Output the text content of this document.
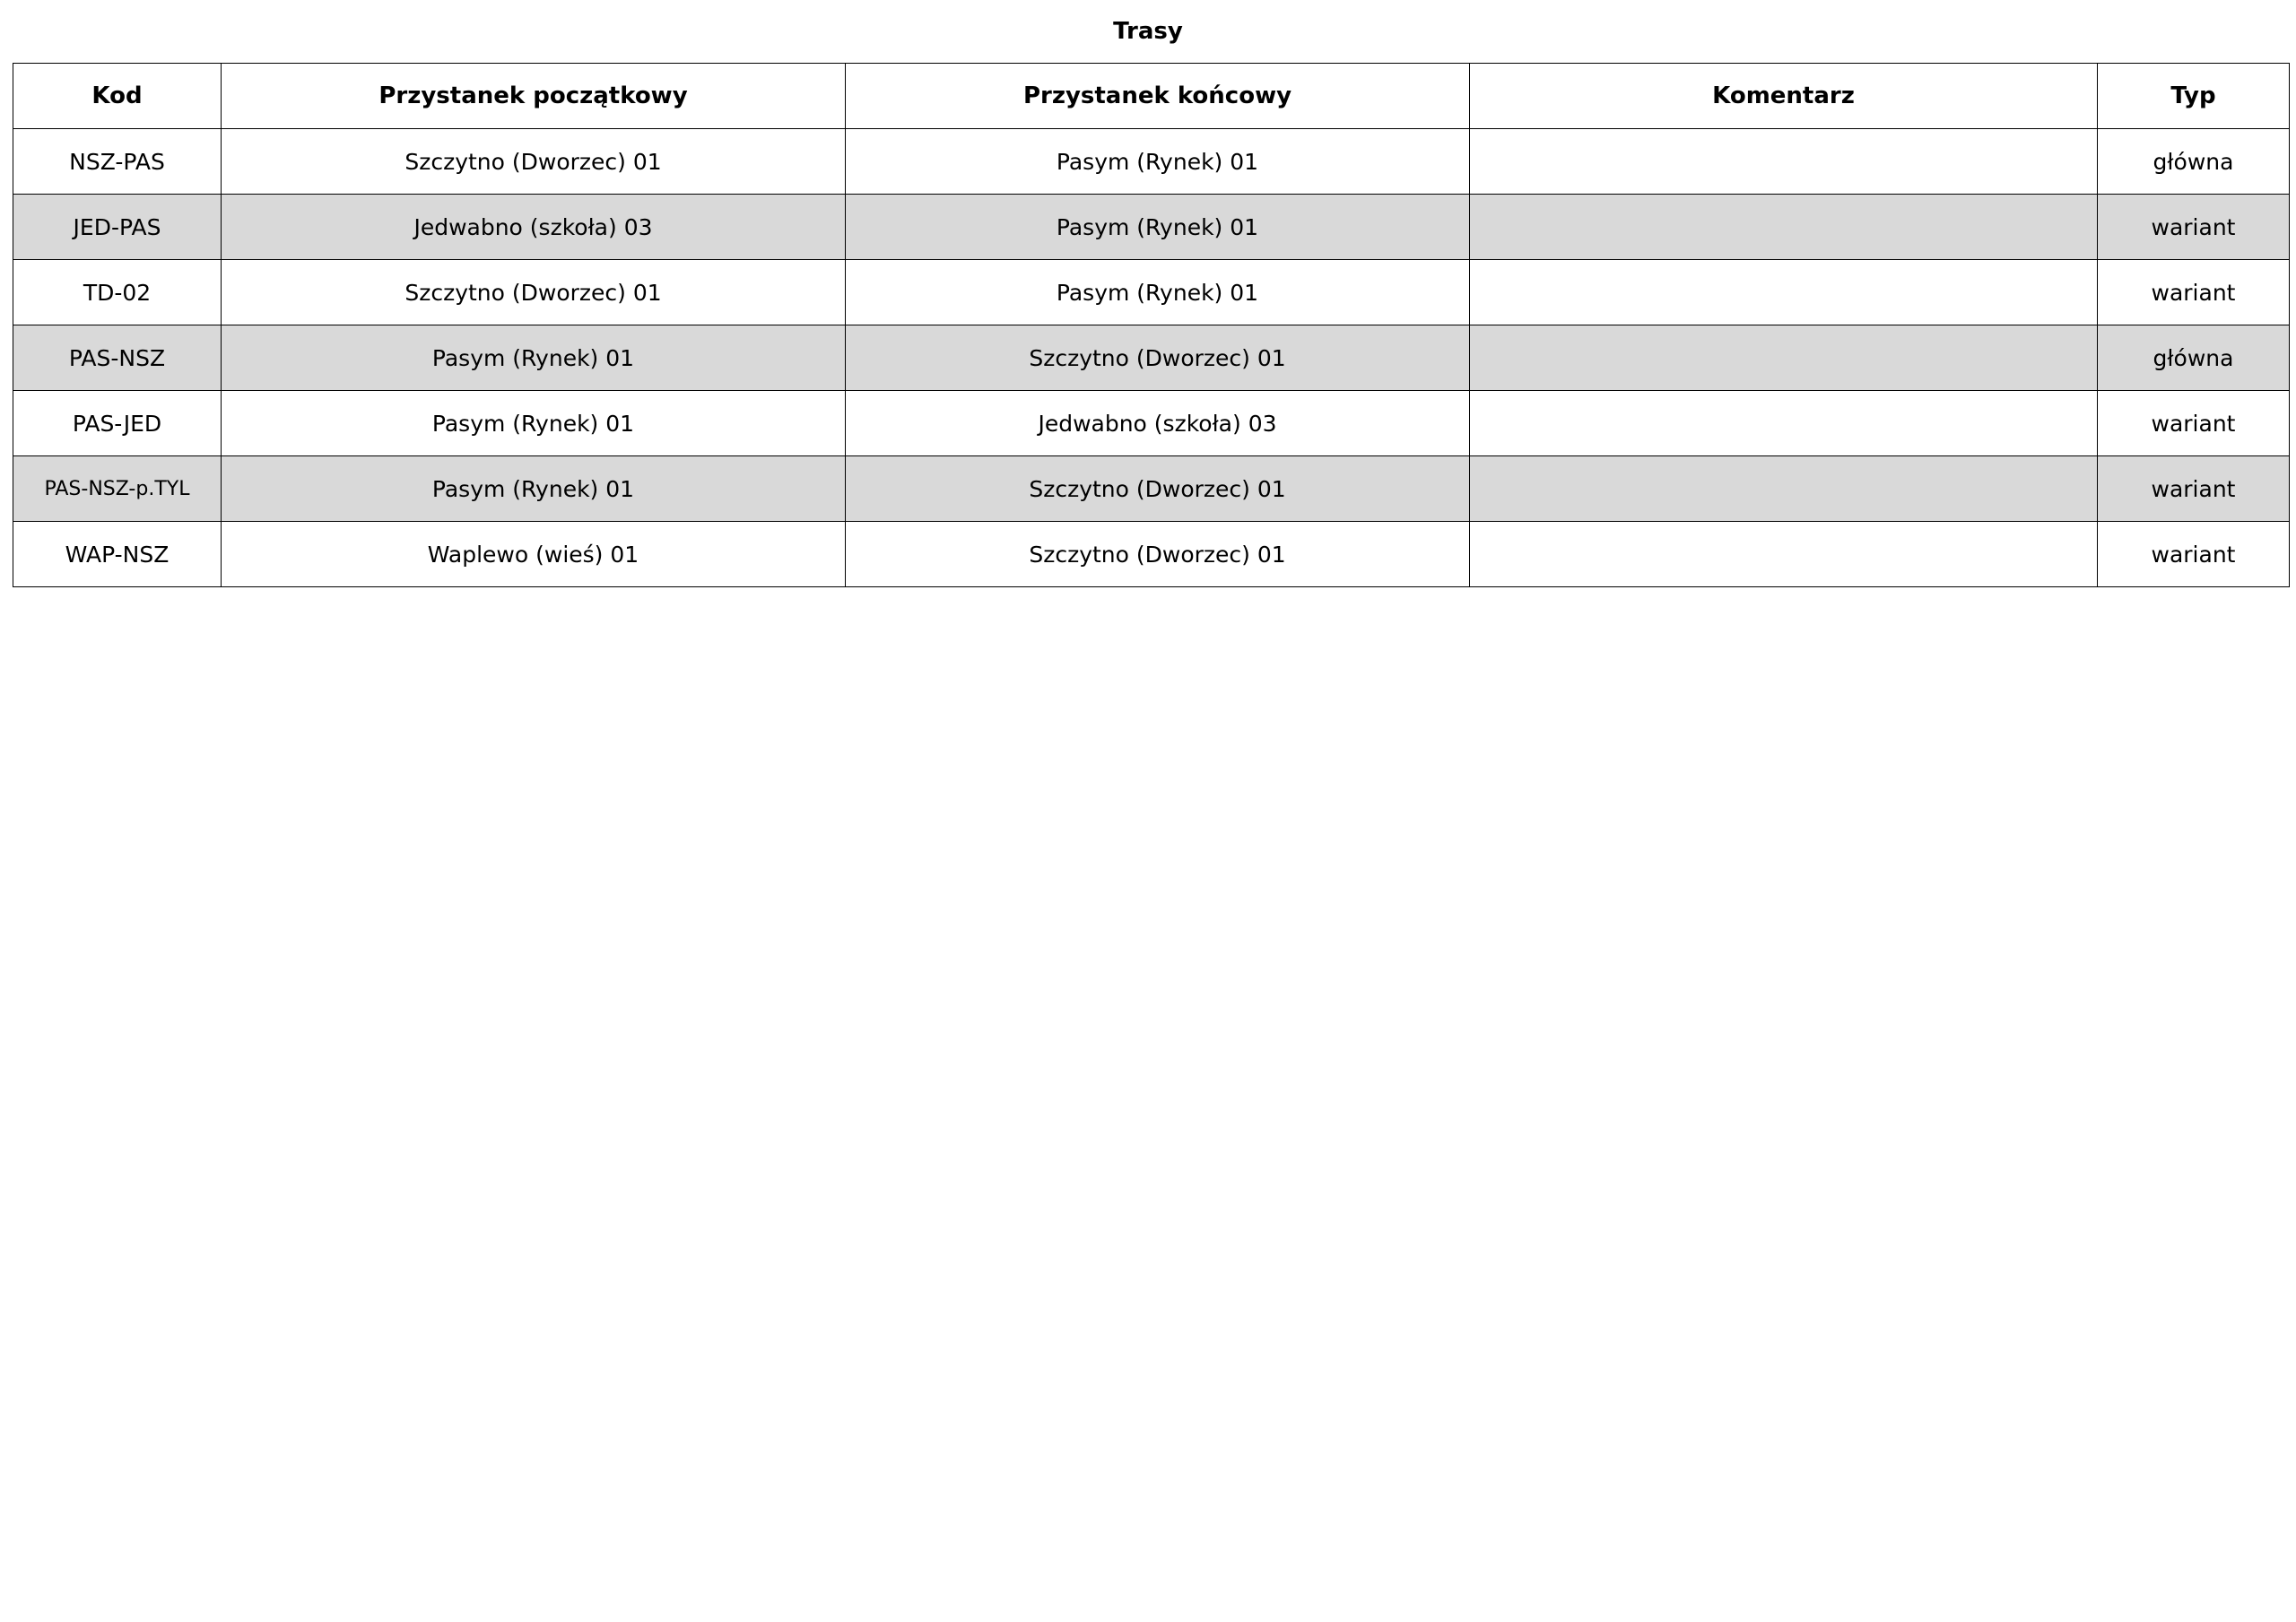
Trasy
Kod	Przystanek początkowy	Przystanek końcowy	Komentarz	Typ
NSZ-PAS	Szczytno (Dworzec) 01	Pasym (Rynek) 01		główna
JED-PAS	Jedwabno (szkoła) 03	Pasym (Rynek) 01		wariant
TD-02	Szczytno (Dworzec) 01	Pasym (Rynek) 01		wariant
PAS-NSZ	Pasym (Rynek) 01	Szczytno (Dworzec) 01		główna
PAS-JED	Pasym (Rynek) 01	Jedwabno (szkoła) 03		wariant
PAS-NSZ-p.TYL	Pasym (Rynek) 01	Szczytno (Dworzec) 01		wariant
WAP-NSZ	Waplewo (wieś) 01	Szczytno (Dworzec) 01		wariant
